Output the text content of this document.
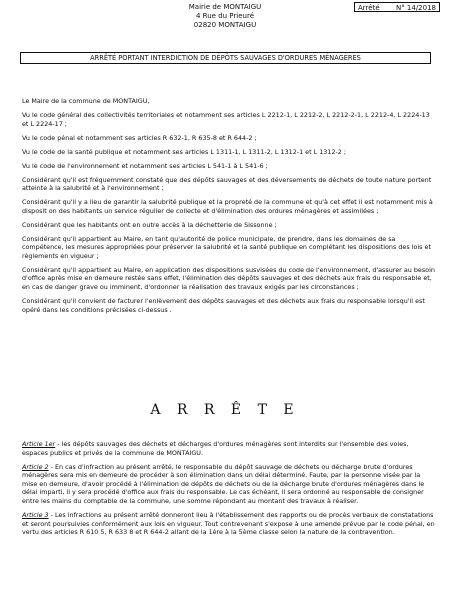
Mairie de MONTAIGU
4 Rue du Prieuré
02820 MONTAIGU
Arrêté N° 14/2018
ARRÊTÉ PORTANT INTERDICTION DE DÉPÔTS SAUVAGES D'ORDURES MÉNAGÈRES

Le Maire de la commune de MONTAIGU,

Vu le code général des collectivités territoriales et notamment ses articles L 2212-1, L 2212-2, L 2212-2-1, L 2212-4, L 2224-13 et L 2224-17 ;

Vu le code pénal et notamment ses articles R 632-1, R 635-8 et R 644-2 ;

Vu le code de la santé publique et notamment ses articles L 1311-1, L 1311-2, L 1312-1 et L 1312-2 ;

Vu le code de l'environnement et notamment ses articles L 541-1 à L 541-6 ;

Considérant qu'il est fréquemment constaté que des dépôts sauvages et des déversements de déchets de toute nature portent atteinte à la salubrité et à l'environnement ;

Considérant qu'il y a lieu de garantir la salubrité publique et la propreté de la commune et qu'à cet effet il est notamment mis à disposit on des habitants un service régulier de collecte et d'élimination des ordures ménagères et assimilées ;

Considérant que les habitants ont en outre accès à la déchetterie de Sissonne ;

Considérant qu'il appartient au Maire, en tant qu'autorité de police municipale, de prendre, dans les domaines de sa compétence, les mesures appropriées pour préserver la salubrité et la santé publique en complétant les dispositions des lois et règlements en vigueur ;

Considérant qu'il appartient au Maire, en application des dispositions susvisées du code de l'environnement, d'assurer au besoin d'office après mise en demeure restée sans effet, l'élimination des dépôts sauvages et des déchets aux frais du responsable et, en cas de danger grave ou imminent, d'ordonner la réalisation des travaux exigés par les circonstances ;

Considérant qu'il convient de facturer l'enlèvement des dépôts sauvages et des déchets aux frais du responsable lorsqu'il est opéré dans les conditions précisées ci-dessus .

A R R Ê T E

Article 1er - les dépôts sauvages des déchets et décharges d'ordures ménagères sont interdits sur l'ensemble des voies, espaces publics et privés de la commune de MONTAIGU.

Article 2 - En cas d'infraction au présent arrêté, le responsable du dépôt sauvage de déchets ou décharge brute d'ordures ménagères sera mis en demeure de procéder à son élimination dans un délai déterminé. Faute, par la personne visée par la mise en demeure, d'avoir procédé à l'élimination de dépôts de déchets ou de la décharge brute d'ordures ménagères dans le délai imparti, il y sera procédé d'office aux frais du responsable. Le cas échéant, il sera ordonné au responsable de consigner entre les mains du comptable de la commune, une somme répondant au montant des travaux à réaliser.

Article 3 - Les infractions au présent arrêté donneront lieu à l'établissement des rapports ou de procès verbaux de constatations et seront poursuivies conformément aux lois en vigueur. Tout contrevenant s'expose à une amende prévue par le code pénal, en vertu des articles R 610 5, R 633 8 et R 644-2 allant de la 1ère à la 5ème classe selon la nature de la contravention.
